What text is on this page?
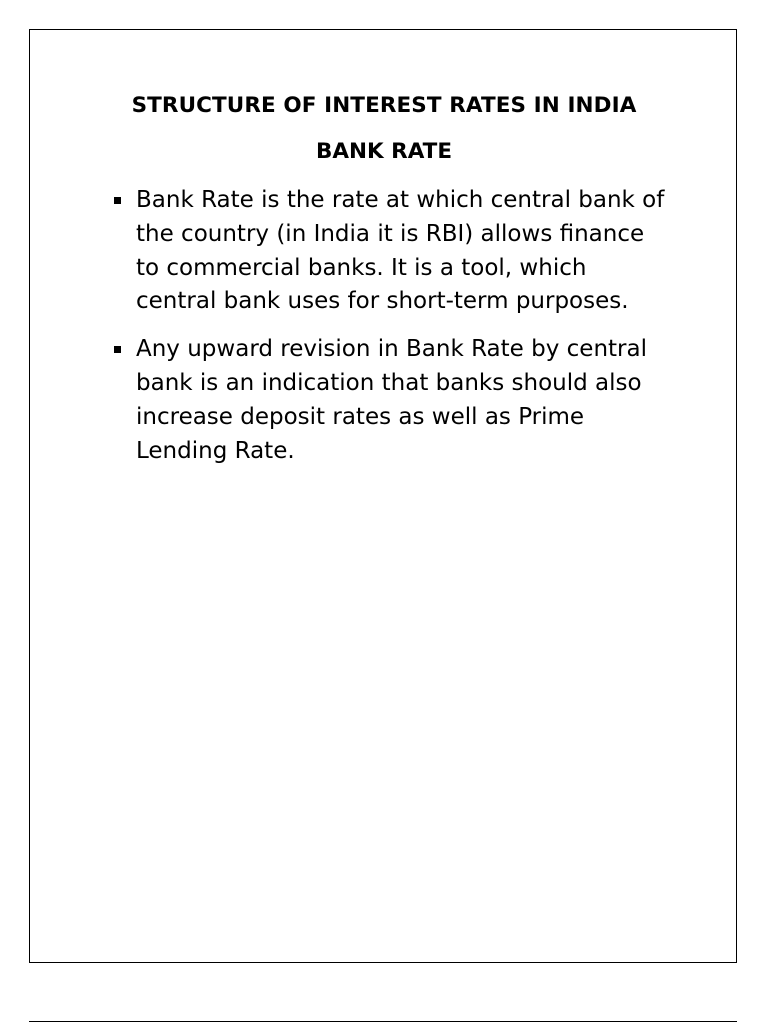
STRUCTURE OF INTEREST RATES IN INDIA
BANK RATE
Bank Rate is the rate at which central bank of the country (in India it is RBI) allows finance to commercial banks. It is a tool, which central bank uses for short-term purposes.
Any upward revision in Bank Rate by central bank is an indication that banks should also increase deposit rates as well as Prime Lending Rate.
